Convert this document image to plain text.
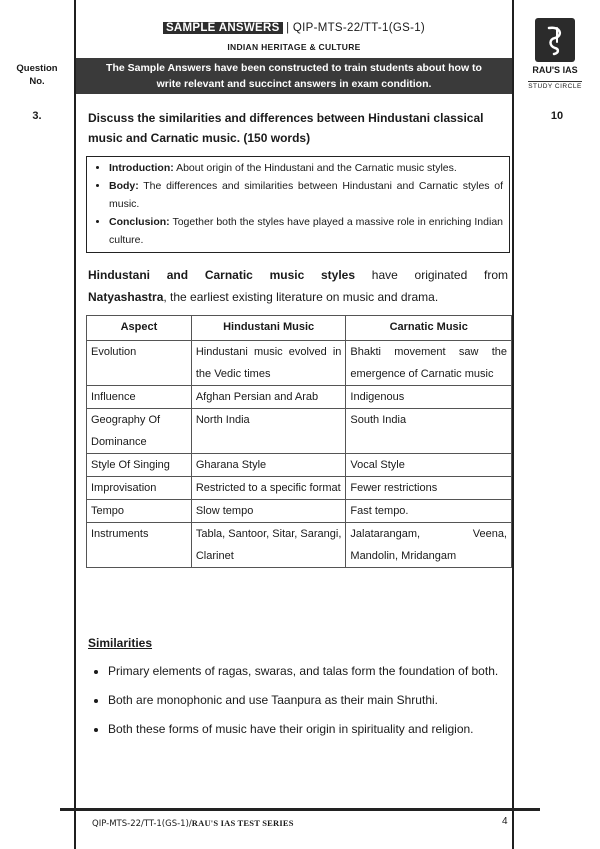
SAMPLE ANSWERS | QIP-MTS-22/TT-1(GS-1)
INDIAN HERITAGE & CULTURE
Question
No.
The Sample Answers have been constructed to train students about how to
write relevant and succinct answers in exam condition.
RAU'S IAS
STUDY CIRCLE
3.	Discuss the similarities and differences between Hindustani classical music and Carnatic music. (150 words)
10
• Introduction: About origin of the Hindustani and the Carnatic music styles.
• Body: The differences and similarities between Hindustani and Carnatic styles of music.
• Conclusion: Together both the styles have played a massive role in enriching Indian culture.
Hindustani and Carnatic music styles have originated from
Natyashastra, the earliest existing literature on music and drama.
Aspect	Hindustani Music	Carnatic Music
Evolution	Hindustani music evolved in the Vedic times	Bhakti movement saw the emergence of Carnatic music
Influence	Afghan Persian and Arab	Indigenous
Geography Of Dominance	North India	South India
Style Of Singing	Gharana Style	Vocal Style
Improvisation	Restricted to a specific format	Fewer restrictions
Tempo	Slow tempo	Fast tempo.
Instruments	Tabla, Santoor, Sitar, Sarangi, Clarinet	Jalatarangam, Veena, Mandolin, Mridangam
Similarities
• Primary elements of ragas, swaras, and talas form the foundation of both.
• Both are monophonic and use Taanpura as their main Shruthi.
• Both these forms of music have their origin in spirituality and religion.
QIP-MTS-22/TT-1(GS-1)/RAU'S IAS TEST SERIES	4
